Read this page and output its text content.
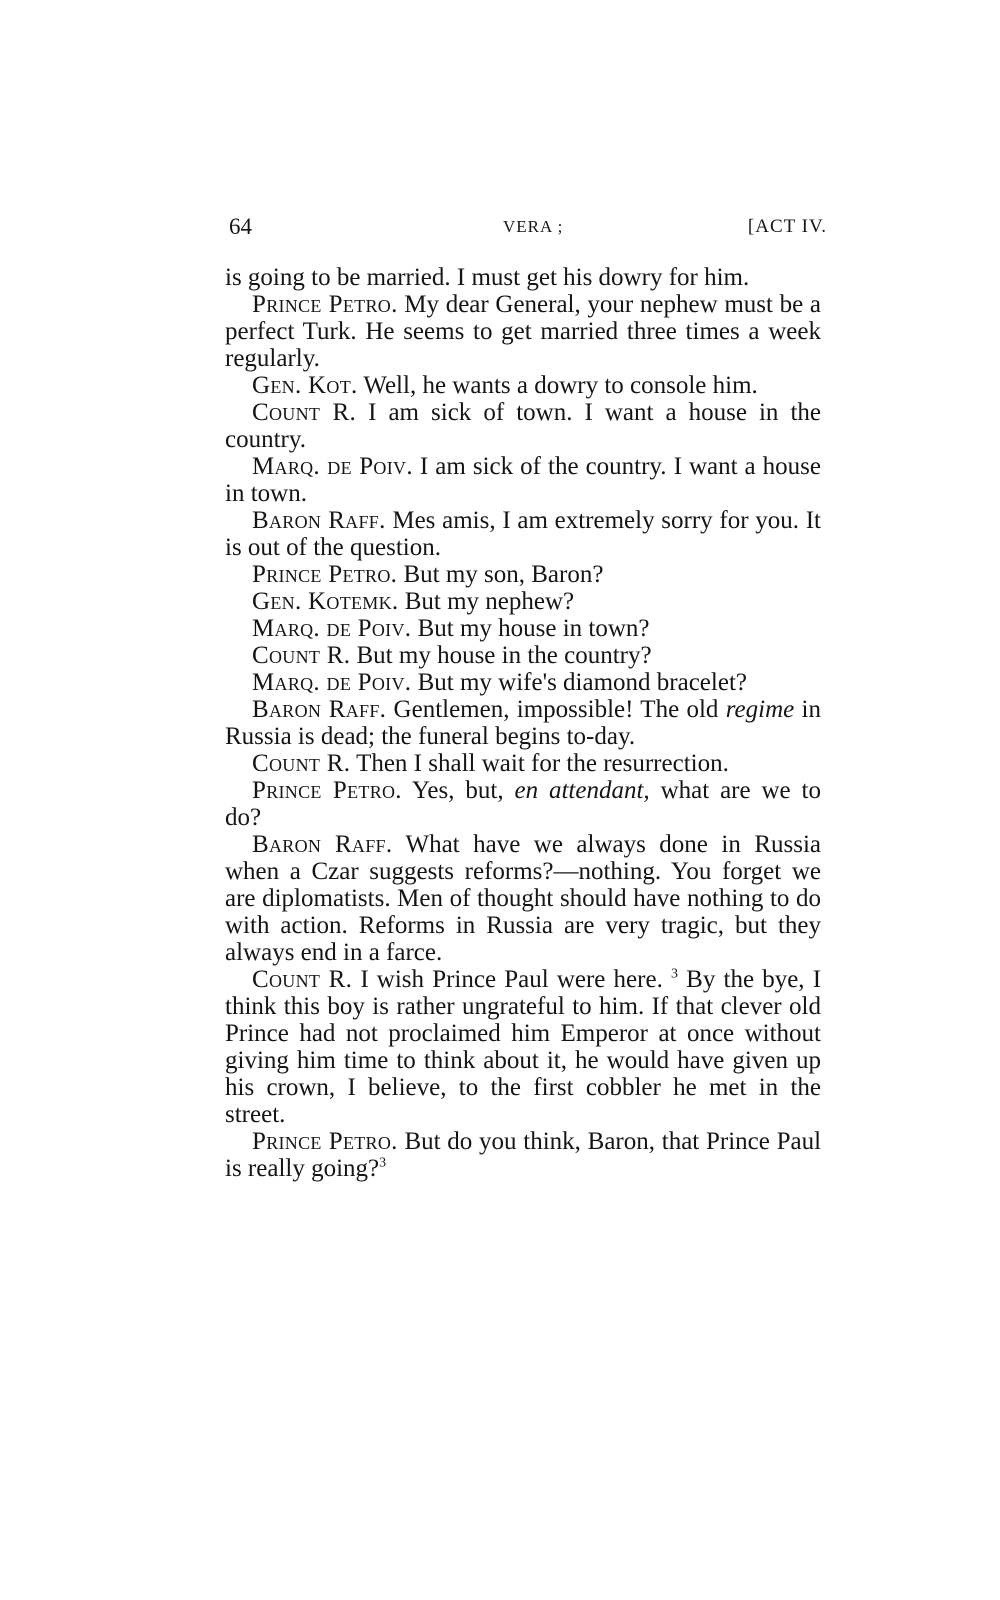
64	VERA ;	[ACT IV.

is going to be married. I must get his dowry for him.

Prince Petro. My dear General, your nephew must be a perfect Turk. He seems to get married three times a week regularly.

Gen. Kot. Well, he wants a dowry to console him.

Count R. I am sick of town. I want a house in the country.

Marq. de Poiv. I am sick of the country. I want a house in town.

Baron Raff. Mes amis, I am extremely sorry for you. It is out of the question.

Prince Petro. But my son, Baron?

Gen. Kotemk. But my nephew?

Marq. de Poiv. But my house in town?

Count R. But my house in the country?

Marq. de Poiv. But my wife's diamond bracelet?

Baron Raff. Gentlemen, impossible! The old regime in Russia is dead; the funeral begins to-day.

Count R. Then I shall wait for the resurrection.

Prince Petro. Yes, but, en attendant, what are we to do?

Baron Raff. What have we always done in Russia when a Czar suggests reforms?—nothing. You forget we are diplomatists. Men of thought should have nothing to do with action. Reforms in Russia are very tragic, but they always end in a farce.

Count R. I wish Prince Paul were here. $^3$ By the bye, I think this boy is rather ungrateful to him. If that clever old Prince had not proclaimed him Emperor at once without giving him time to think about it, he would have given up his crown, I believe, to the first cobbler he met in the street.

Prince Petro. But do you think, Baron, that Prince Paul is really going?$^3$
